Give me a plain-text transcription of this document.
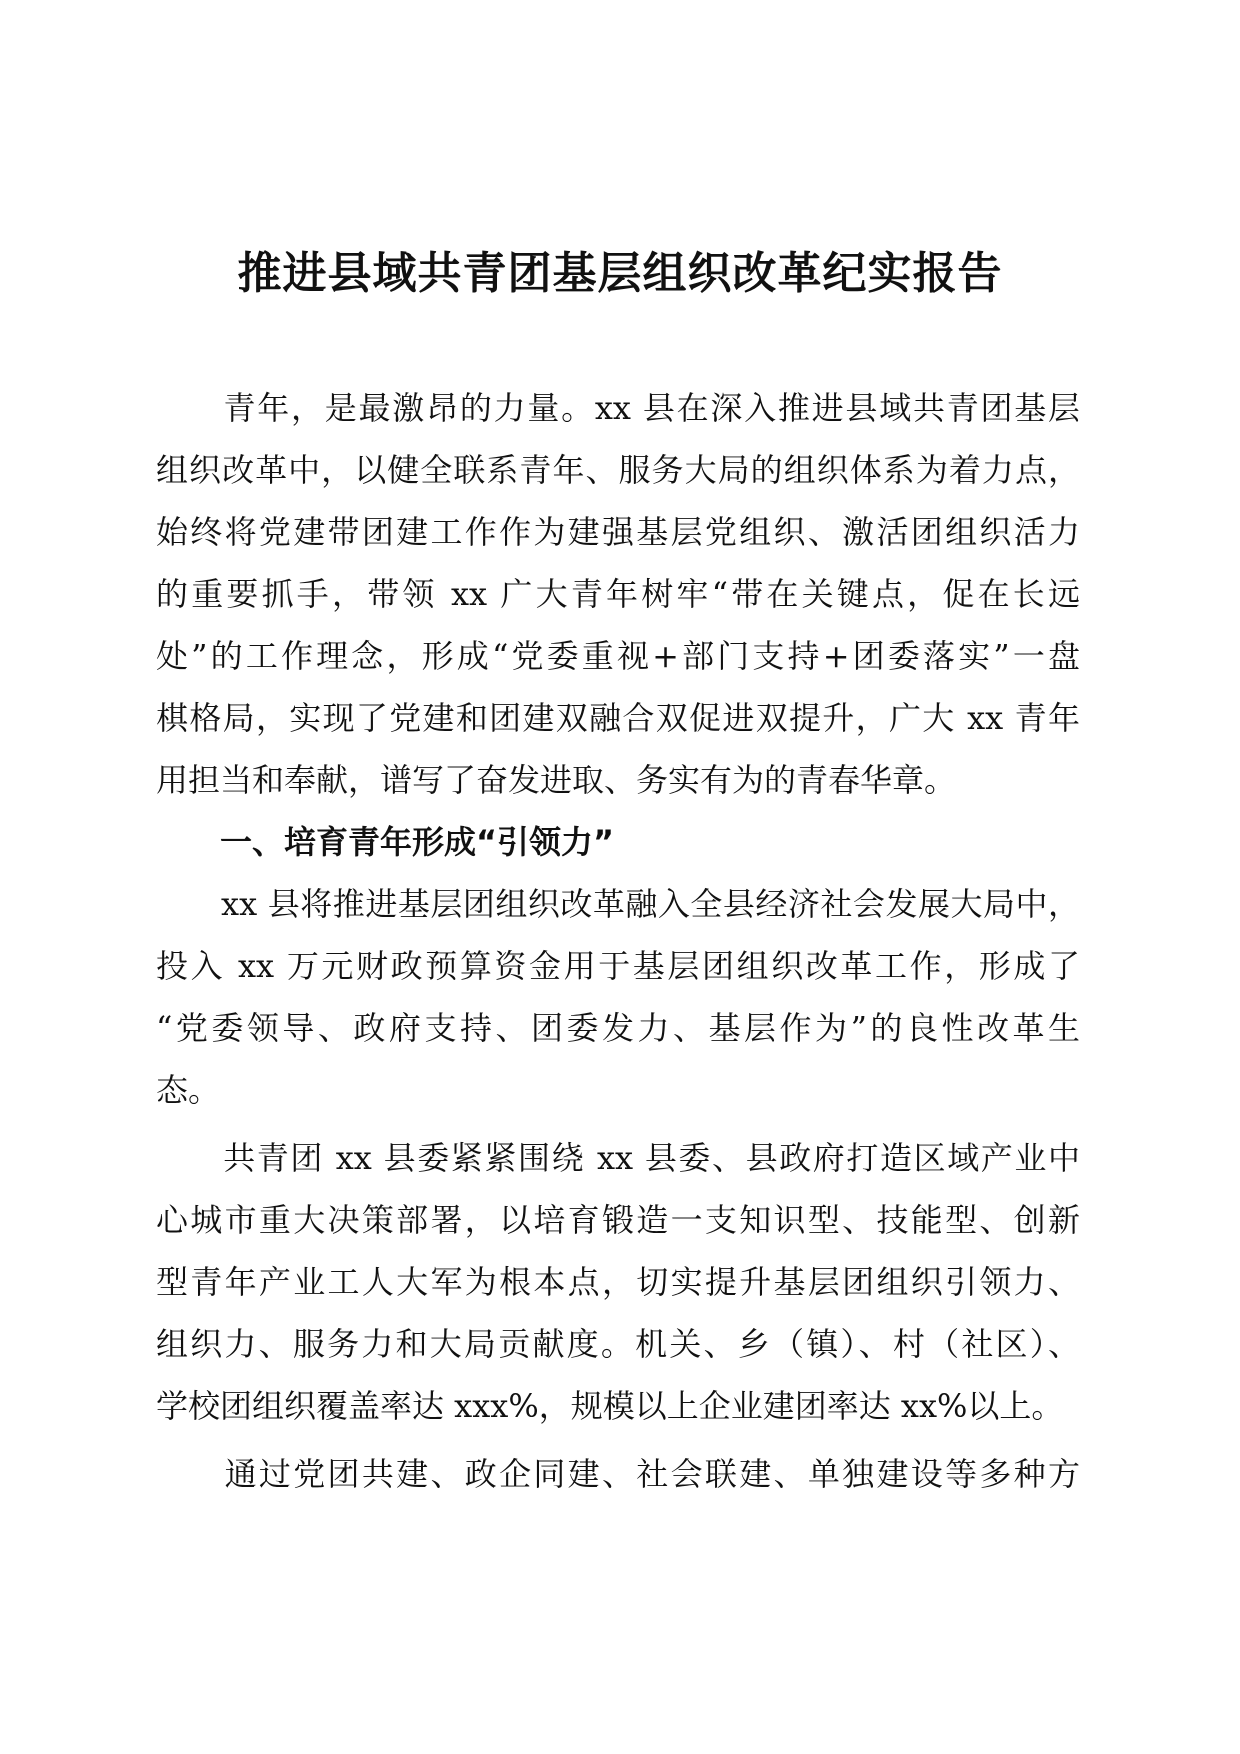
推进县域共青团基层组织改革纪实报告
　　青年，是最激昂的力量。xx 县在深入推进县域共青团基层
组织改革中，以健全联系青年、服务大局的组织体系为着力点，
始终将党建带团建工作作为建强基层党组织、激活团组织活力
的重要抓手，带领 xx 广大青年树牢“带在关键点，促在长远
处”的工作理念，形成“党委重视+部门支持+团委落实”一盘
棋格局，实现了党建和团建双融合双促进双提升，广大 xx 青年
用担当和奉献，谱写了奋发进取、务实有为的青春华章。
一、培育青年形成“引领力”
　　xx 县将推进基层团组织改革融入全县经济社会发展大局中，
投入 xx 万元财政预算资金用于基层团组织改革工作，形成了
“党委领导、政府支持、团委发力、基层作为”的良性改革生
态。
　　共青团 xx 县委紧紧围绕 xx 县委、县政府打造区域产业中
心城市重大决策部署，以培育锻造一支知识型、技能型、创新
型青年产业工人大军为根本点，切实提升基层团组织引领力、
组织力、服务力和大局贡献度。机关、乡（镇）、村（社区）、
学校团组织覆盖率达 xxx%，规模以上企业建团率达 xx%以上。
　　通过党团共建、政企同建、社会联建、单独建设等多种方
